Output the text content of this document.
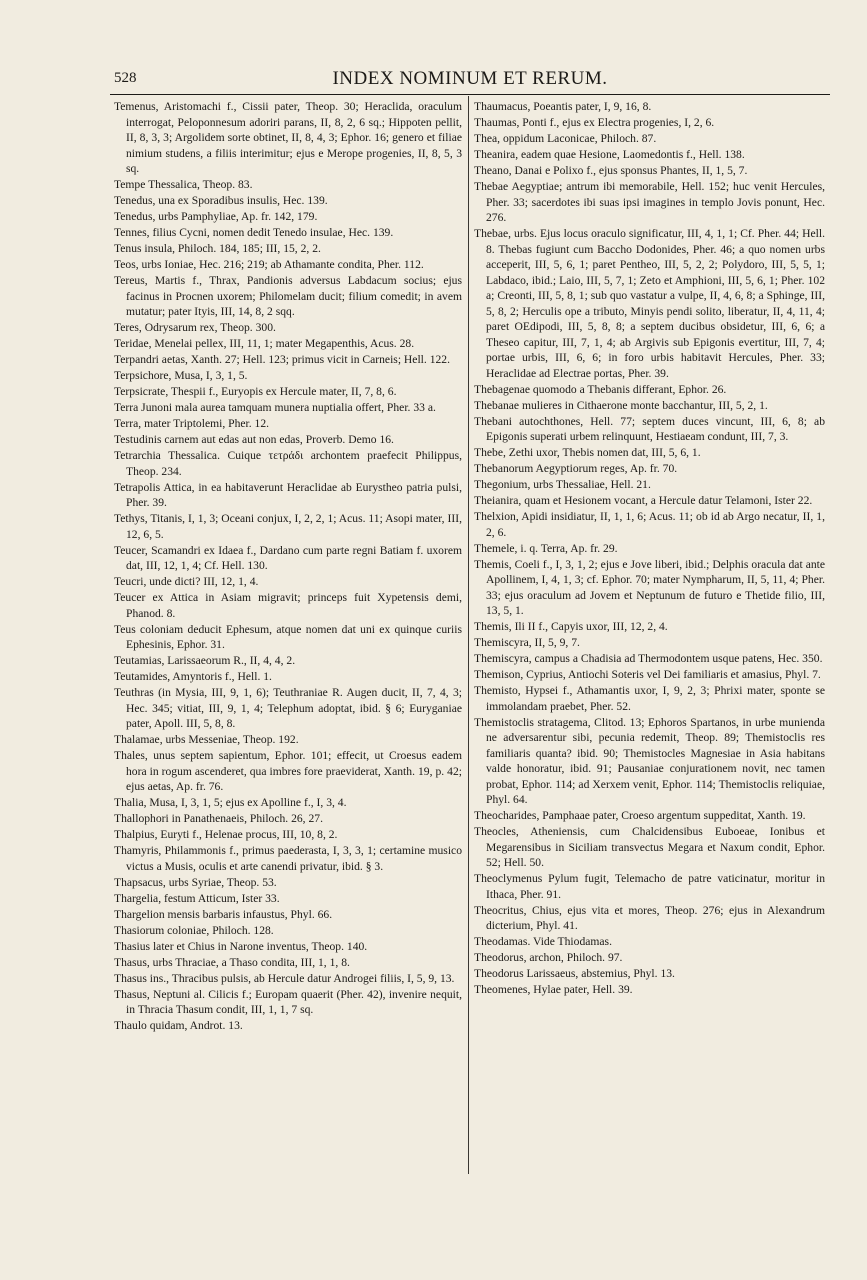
528	INDEX NOMINUM ET RERUM.
Temenus, Aristomachi f., Cissii pater, Theop. 30; Heraclida, oraculum interrogat, Peloponnesum adoriri parans, II, 8, 2, 6 sq.; Hippoten pellit, II, 8, 3, 3; Argolidem sorte obtinet, II, 8, 4, 3; Ephor. 16; genero et filiae nimium studens, a filiis interimitur; ejus e Merope progenies, II, 8, 5, 3 sq.
Tempe Thessalica, Theop. 83.
Tenedus, una ex Sporadibus insulis, Hec. 139.
Tenedus, urbs Pamphyliae, Ap. fr. 142, 179.
Tennes, filius Cycni, nomen dedit Tenedo insulae, Hec. 139.
Tenus insula, Philoch. 184, 185; III, 15, 2, 2.
Teos, urbs Ioniae, Hec. 216; 219; ab Athamante condita, Pher. 112.
Tereus, Martis f., Thrax, Pandionis adversus Labdacum socius; ejus facinus in Procnen uxorem; Philomelam ducit; filium comedit; in avem mutatur; pater Ityis, III, 14, 8, 2 sqq.
Teres, Odrysarum rex, Theop. 300.
Teridae, Menelai pellex, III, 11, 1; mater Megapenthis, Acus. 28.
Terpandri aetas, Xanth. 27; Hell. 123; primus vicit in Carneis; Hell. 122.
Terpsichore, Musa, I, 3, 1, 5.
Terpsicrate, Thespii f., Euryopis ex Hercule mater, II, 7, 8, 6.
Terra Junoni mala aurea tamquam munera nuptialia offert, Pher. 33 a.
Terra, mater Triptolemi, Pher. 12.
Testudinis carnem aut edas aut non edas, Proverb. Demo 16.
Tetrarchia Thessalica. Cuique τετράδι archontem praefecit Philippus, Theop. 234.
Tetrapolis Attica, in ea habitaverunt Heraclidae ab Eurystheo patria pulsi, Pher. 39.
Tethys, Titanis, I, 1, 3; Oceani conjux, I, 2, 2, 1; Acus. 11; Asopi mater, III, 12, 6, 5.
Teucer, Scamandri ex Idaea f., Dardano cum parte regni Batiam f. uxorem dat, III, 12, 1, 4; Cf. Hell. 130.
Teucri, unde dicti? III, 12, 1, 4.
Teucer ex Attica in Asiam migravit; princeps fuit Xypetensis demi, Phanod. 8.
Teus coloniam deducit Ephesum, atque nomen dat uni ex quinque curiis Ephesinis, Ephor. 31.
Teutamias, Larissaeorum R., II, 4, 4, 2.
Teutamides, Amyntoris f., Hell. 1.
Teuthras (in Mysia, III, 9, 1, 6); Teuthraniae R. Augen ducit, II, 7, 4, 3; Hec. 345; vitiat, III, 9, 1, 4; Telephum adoptat, ibid. § 6; Euryganiae pater, Apoll. III, 5, 8, 8.
Thalamae, urbs Messeniae, Theop. 192.
Thales, unus septem sapientum, Ephor. 101; effecit, ut Croesus eadem hora in rogum ascenderet, qua imbres fore praeviderat, Xanth. 19, p. 42; ejus aetas, Ap. fr. 76.
Thalia, Musa, I, 3, 1, 5; ejus ex Apolline f., I, 3, 4.
Thallophori in Panathenaeis, Philoch. 26, 27.
Thalpius, Euryti f., Helenae procus, III, 10, 8, 2.
Thamyris, Philammonis f., primus paederasta, I, 3, 3, 1; certamine musico victus a Musis, oculis et arte canendi privatur, ibid. § 3.
Thapsacus, urbs Syriae, Theop. 53.
Thargelia, festum Atticum, Ister 33.
Thargelion mensis barbaris infaustus, Phyl. 66.
Thasiorum coloniae, Philoch. 128.
Thasius later et Chius in Narone inventus, Theop. 140.
Thasus, urbs Thraciae, a Thaso condita, III, 1, 1, 8.
Thasus ins., Thracibus pulsis, ab Hercule datur Androgei filiis, I, 5, 9, 13.
Thasus, Neptuni al. Cilicis f.; Europam quaerit (Pher. 42), invenire nequit, in Thracia Thasum condit, III, 1, 1, 7 sq.
Thaulo quidam, Androt. 13.
Thaumacus, Poeantis pater, I, 9, 16, 8.
Thaumas, Ponti f., ejus ex Electra progenies, I, 2, 6.
Thea, oppidum Laconicae, Philoch. 87.
Theanira, eadem quae Hesione, Laomedontis f., Hell. 138.
Theano, Danai e Polixo f., ejus sponsus Phantes, II, 1, 5, 7.
Thebae Aegyptiae; antrum ibi memorabile, Hell. 152; huc venit Hercules, Pher. 33; sacerdotes ibi suas ipsi imagines in templo Jovis ponunt, Hec. 276.
Thebae, urbs. Ejus locus oraculo significatur, III, 4, 1, 1; Cf. Pher. 44; Hell. 8. Thebas fugiunt cum Baccho Dodonides, Pher. 46; a quo nomen urbs acceperit, III, 5, 6, 1; paret Pentheo, III, 5, 2, 2; Polydoro, III, 5, 5, 1; Labdaco, ibid.; Laio, III, 5, 7, 1; Zeto et Amphioni, III, 5, 6, 1; Pher. 102 a; Creonti, III, 5, 8, 1; sub quo vastatur a vulpe, II, 4, 6, 8; a Sphinge, III, 5, 8, 2; Herculis ope a tributo, Minyis pendi solito, liberatur, II, 4, 11, 4; paret OEdipodi, III, 5, 8, 8; a septem ducibus obsidetur, III, 6, 6; a Theseo capitur, III, 7, 1, 4; ab Argivis sub Epigonis evertitur, III, 7, 4; portae urbis, III, 6, 6; in foro urbis habitavit Hercules, Pher. 33; Heraclidae ad Electrae portas, Pher. 39.
Thebagenae quomodo a Thebanis differant, Ephor. 26.
Thebanae mulieres in Cithaerone monte bacchantur, III, 5, 2, 1.
Thebani autochthones, Hell. 77; septem duces vincunt, III, 6, 8; ab Epigonis superati urbem relinquunt, Hestiaeam condunt, III, 7, 3.
Thebe, Zethi uxor, Thebis nomen dat, III, 5, 6, 1.
Thebanorum Aegyptiorum reges, Ap. fr. 70.
Thegonium, urbs Thessaliae, Hell. 21.
Theianira, quam et Hesionem vocant, a Hercule datur Telamoni, Ister 22.
Thelxion, Apidi insidiatur, II, 1, 1, 6; Acus. 11; ob id ab Argo necatur, II, 1, 2, 6.
Themele, i. q. Terra, Ap. fr. 29.
Themis, Coeli f., I, 3, 1, 2; ejus e Jove liberi, ibid.; Delphis oracula dat ante Apollinem, I, 4, 1, 3; cf. Ephor. 70; mater Nympharum, II, 5, 11, 4; Pher. 33; ejus oraculum ad Jovem et Neptunum de futuro e Thetide filio, III, 13, 5, 1.
Themis, Ili II f., Capyis uxor, III, 12, 2, 4.
Themiscyra, II, 5, 9, 7.
Themiscyra, campus a Chadisia ad Thermodontem usque patens, Hec. 350.
Themison, Cyprius, Antiochi Soteris vel Dei familiaris et amasius, Phyl. 7.
Themisto, Hypsei f., Athamantis uxor, I, 9, 2, 3; Phrixi mater, sponte se immolandam praebet, Pher. 52.
Themistoclis stratagema, Clitod. 13; Ephoros Spartanos, in urbe munienda ne adversarentur sibi, pecunia redemit, Theop. 89; Themistoclis res familiaris quanta? ibid. 90; Themistocles Magnesiae in Asia habitans valde honoratur, ibid. 91; Pausaniae conjurationem novit, nec tamen probat, Ephor. 114; ad Xerxem venit, Ephor. 114; Themistoclis reliquiae, Phyl. 64.
Theocharides, Pamphaae pater, Croeso argentum suppeditat, Xanth. 19.
Theocles, Atheniensis, cum Chalcidensibus Euboeae, Ionibus et Megarensibus in Siciliam transvectus Megara et Naxum condit, Ephor. 52; Hell. 50.
Theoclymenus Pylum fugit, Telemacho de patre vaticinatur, moritur in Ithaca, Pher. 91.
Theocritus, Chius, ejus vita et mores, Theop. 276; ejus in Alexandrum dicterium, Phyl. 41.
Theodamas. Vide Thiodamas.
Theodorus, archon, Philoch. 97.
Theodorus Larissaeus, abstemius, Phyl. 13.
Theomenes, Hylae pater, Hell. 39.
